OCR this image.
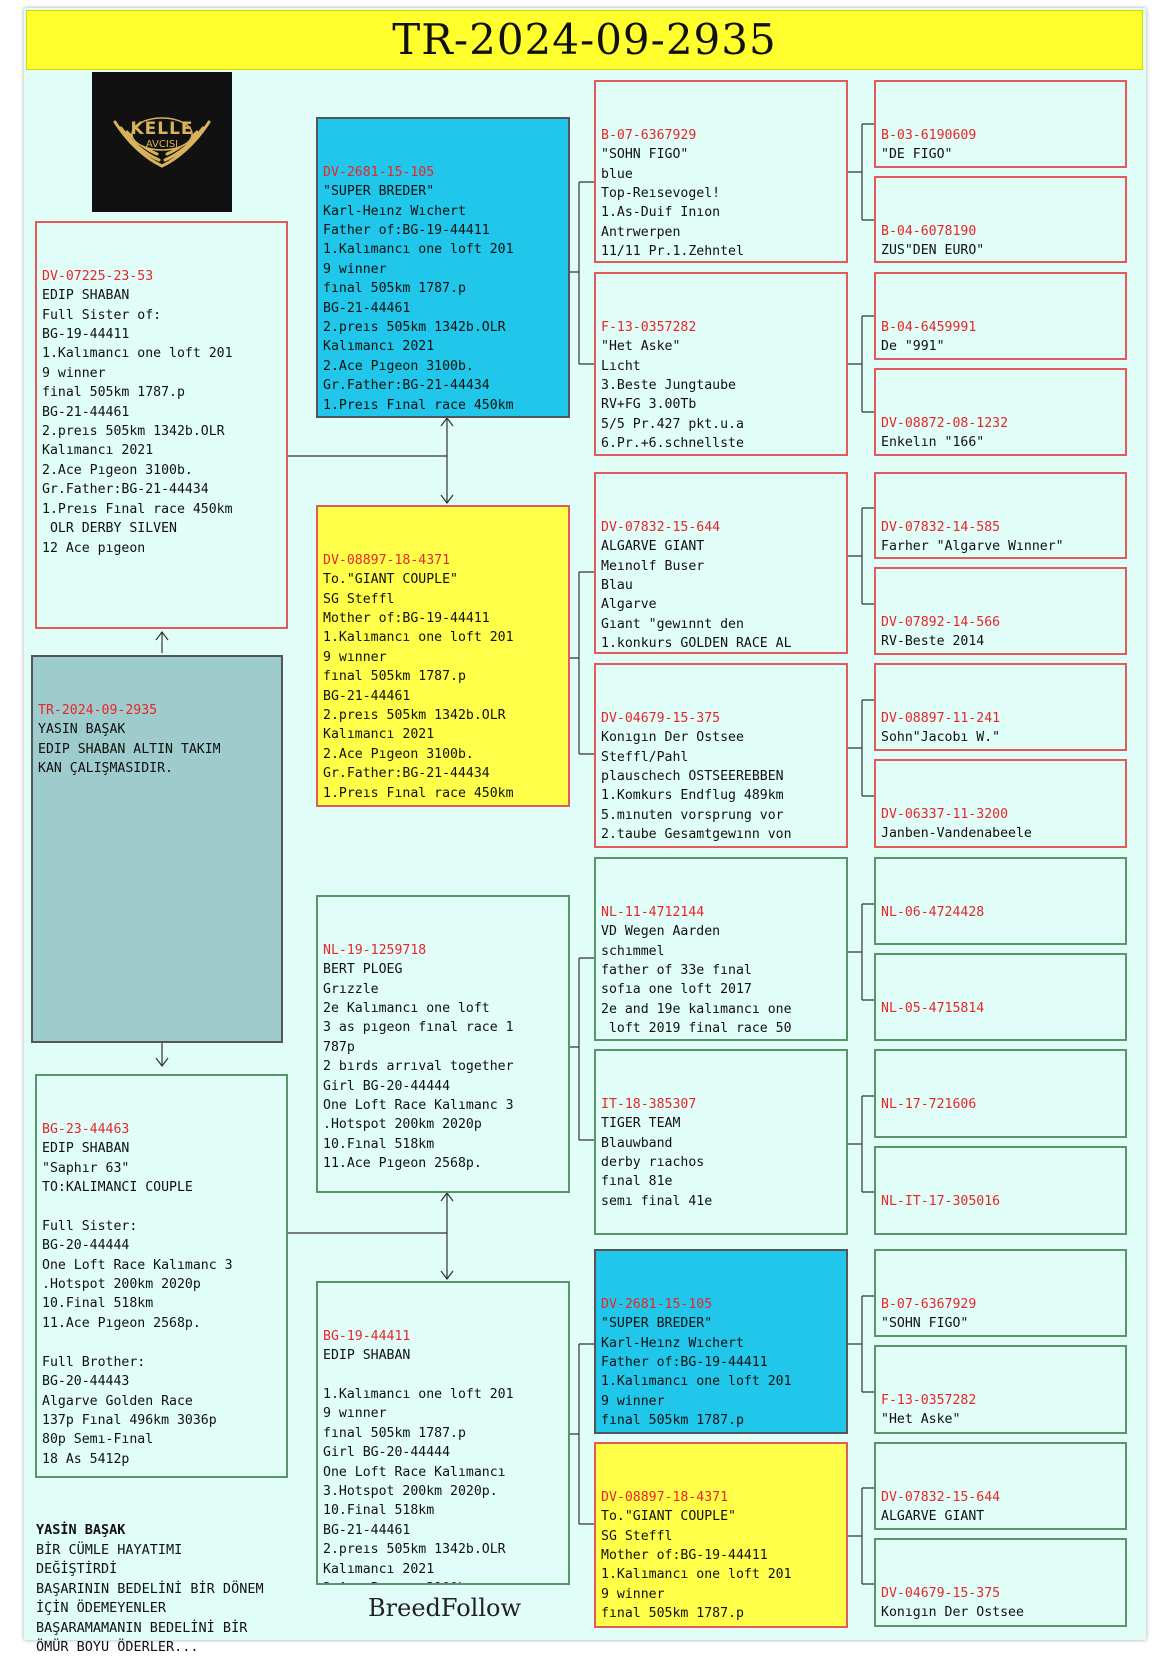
TR-2024-09-2935
KELLE
AVCISI

DV-07225-23-53
EDIP SHABAN
Full Sister of:
BG-19-44411
1.Kalımancı one loft 201
9 winner
final 505km 1787.p
BG-21-44461
2.preıs 505km 1342b.OLR
Kalımancı 2021
2.Ace Pıgeon 3100b.
Gr.Father:BG-21-44434
1.Preıs Fınal race 450km
OLR DERBY SILVEN
12 Ace pıgeon

TR-2024-09-2935
YASIN BAŞAK
EDIP SHABAN ALTIN TAKIM
KAN ÇALIŞMASIDIR.

BG-23-44463
EDIP SHABAN
"Saphır 63"
TO:KALIMANCI COUPLE

Full Sister:
BG-20-44444
One Loft Race Kalımanc 3
.Hotspot 200km 2020p
10.Final 518km
11.Ace Pıgeon 2568p.

Full Brother:
BG-20-44443
Algarve Golden Race
137p Fınal 496km 3036p
80p Semı-Fınal
18 As 5412p

DV-2681-15-105
"SUPER BREDER"
Karl-Heınz Wıchert
Father of:BG-19-44411
1.Kalımancı one loft 201
9 winner
fınal 505km 1787.p
BG-21-44461
2.preıs 505km 1342b.OLR
Kalımancı 2021
2.Ace Pıgeon 3100b.
Gr.Father:BG-21-44434
1.Preıs Fınal race 450km

DV-08897-18-4371
To."GIANT COUPLE"
SG Steffl
Mother of:BG-19-44411
1.Kalımancı one loft 201
9 wınner
fınal 505km 1787.p
BG-21-44461
2.preıs 505km 1342b.OLR
Kalımancı 2021
2.Ace Pıgeon 3100b.
Gr.Father:BG-21-44434
1.Preıs Fınal race 450km

NL-19-1259718
BERT PLOEG
Grızzle
2e Kalımancı one loft
3 as pıgeon fınal race 1
787p
2 bırds arrıval together
Girl BG-20-44444
One Loft Race Kalımanc 3
.Hotspot 200km 2020p
10.Fınal 518km
11.Ace Pıgeon 2568p.

BG-19-44411
EDIP SHABAN

1.Kalımancı one loft 201
9 wınner
fınal 505km 1787.p
Girl BG-20-44444
One Loft Race Kalımancı
3.Hotspot 200km 2020p.
10.Final 518km
BG-21-44461
2.preıs 505km 1342b.OLR
Kalımancı 2021

B-07-6367929
"SOHN FIGO"
blue
Top-Reısevogel!
1.As-Duif Inıon
Antrwerpen
11/11 Pr.1.Zehntel

F-13-0357282
"Het Aske"
Lıcht
3.Beste Jungtaube
RV+FG 3.00Tb
5/5 Pr.427 pkt.u.a
6.Pr.+6.schnellste

DV-07832-15-644
ALGARVE GIANT
Meınolf Buser
Blau
Algarve
Gıant "gewınnt den
1.konkurs GOLDEN RACE AL

DV-04679-15-375
Konıgın Der Ostsee
Steffl/Pahl
plauschech OSTSEEREBBEN
1.Komkurs Endflug 489km
5.mınuten vorsprung vor
2.taube Gesamtgewınn von

NL-11-4712144
VD Wegen Aarden
schımmel
father of 33e fınal
sofıa one loft 2017
2e and 19e kalımancı one
loft 2019 final race 50

IT-18-385307
TIGER TEAM
Blauwband
derby rıachos
fınal 81e
semı final 41e

DV-2681-15-105
"SUPER BREDER"
Karl-Heınz Wıchert
Father of:BG-19-44411
1.Kalımancı one loft 201
9 winner
fınal 505km 1787.p

DV-08897-18-4371
To."GIANT COUPLE"
SG Steffl
Mother of:BG-19-44411
1.Kalımancı one loft 201
9 winner
fınal 505km 1787.p

B-03-6190609
"DE FIGO"

B-04-6078190
ZUS"DEN EURO"

B-04-6459991
De "991"

DV-08872-08-1232
Enkelın "166"

DV-07832-14-585
Farher "Algarve Wınner"

DV-07892-14-566
RV-Beste 2014

DV-08897-11-241
Sohn"Jacobı W."

DV-06337-11-3200
Janben-Vandenabeele

NL-06-4724428

NL-05-4715814

NL-17-721606

NL-IT-17-305016

B-07-6367929
"SOHN FIGO"

F-13-0357282
"Het Aske"

DV-07832-15-644
ALGARVE GIANT

DV-04679-15-375
Konıgın Der Ostsee

YASİN BAŞAK
BİR CÜMLE HAYATIMI
DEĞİŞTİRDİ
BAŞARININ BEDELİNİ BİR DÖNEM
İÇİN ÖDEMEYENLER
BAŞARAMAMANIN BEDELİNİ BİR
ÖMÜR BOYU ÖDERLER...

BreedFollow
